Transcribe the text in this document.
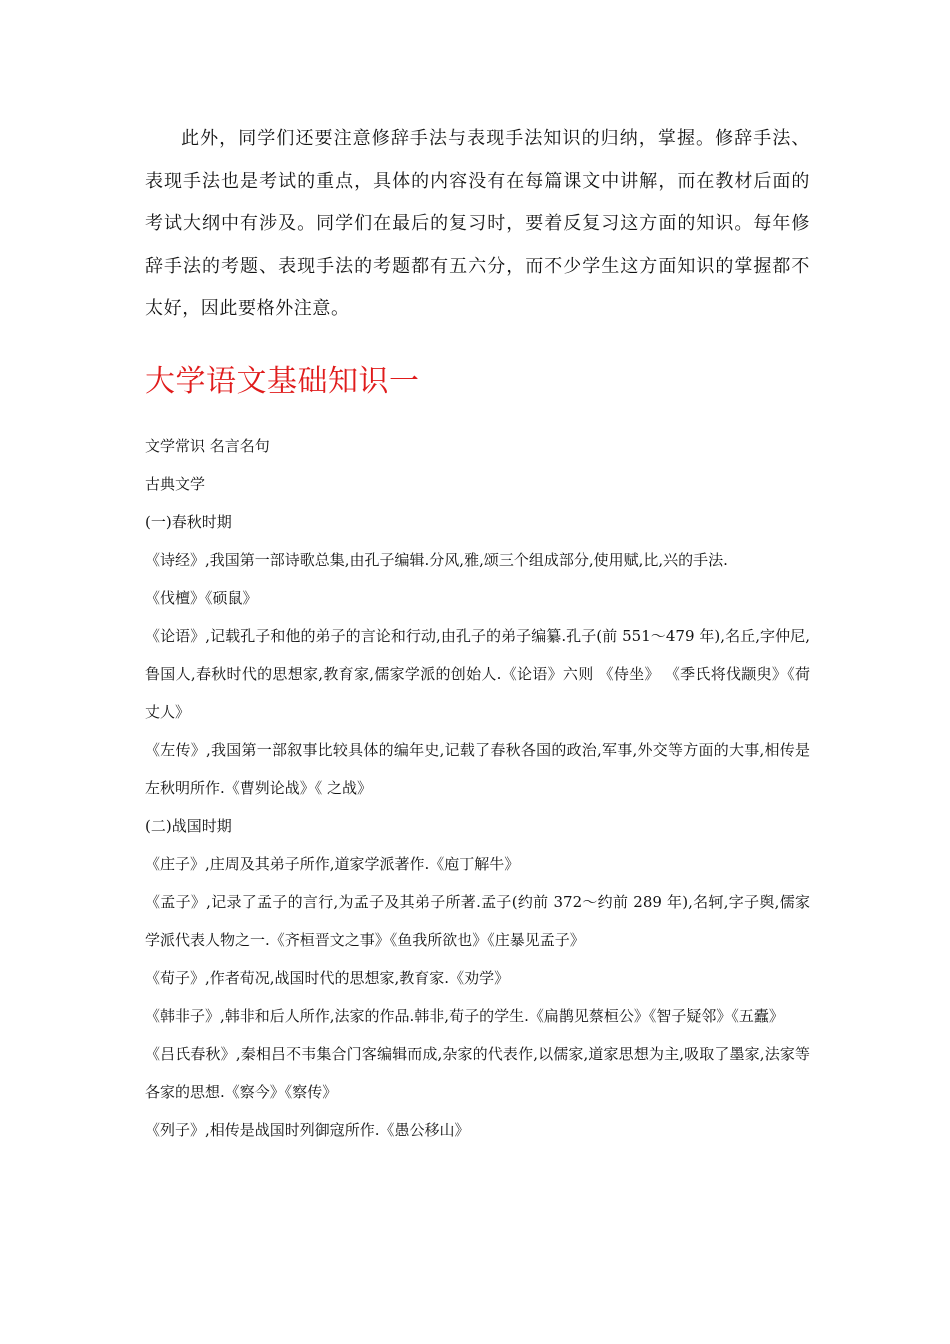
此外，同学们还要注意修辞手法与表现手法知识的归纳，掌握。修辞手法、表现手法也是考试的重点，具体的内容没有在每篇课文中讲解，而在教材后面的考试大纲中有涉及。同学们在最后的复习时，要着反复习这方面的知识。每年修辞手法的考题、表现手法的考题都有五六分，而不少学生这方面知识的掌握都不太好，因此要格外注意。

大学语文基础知识一

文学常识 名言名句

古典文学

(一)春秋时期

《诗经》,我国第一部诗歌总集,由孔子编辑.分风,雅,颂三个组成部分,使用赋,比,兴的手法.

《伐檀》《硕鼠》

《论语》,记载孔子和他的弟子的言论和行动,由孔子的弟子编纂.孔子(前 551～479 年),名丘,字仲尼,鲁国人,春秋时代的思想家,教育家,儒家学派的创始人.《论语》六则 《侍坐》 《季氏将伐颛臾》《荷 丈人》

《左传》,我国第一部叙事比较具体的编年史,记载了春秋各国的政治,军事,外交等方面的大事,相传是左秋明所作.《曹刿论战》《 之战》

(二)战国时期

《庄子》,庄周及其弟子所作,道家学派著作.《庖丁解牛》

《孟子》,记录了孟子的言行,为孟子及其弟子所著.孟子(约前 372～约前 289 年),名轲,字子舆,儒家学派代表人物之一.《齐桓晋文之事》《鱼我所欲也》《庄暴见孟子》

《荀子》,作者荀况,战国时代的思想家,教育家.《劝学》

《韩非子》,韩非和后人所作,法家的作品.韩非,荀子的学生.《扁鹊见蔡桓公》《智子疑邻》《五蠹》

《吕氏春秋》,秦相吕不韦集合门客编辑而成,杂家的代表作,以儒家,道家思想为主,吸取了墨家,法家等各家的思想.《察今》《察传》

《列子》,相传是战国时列御寇所作.《愚公移山》
